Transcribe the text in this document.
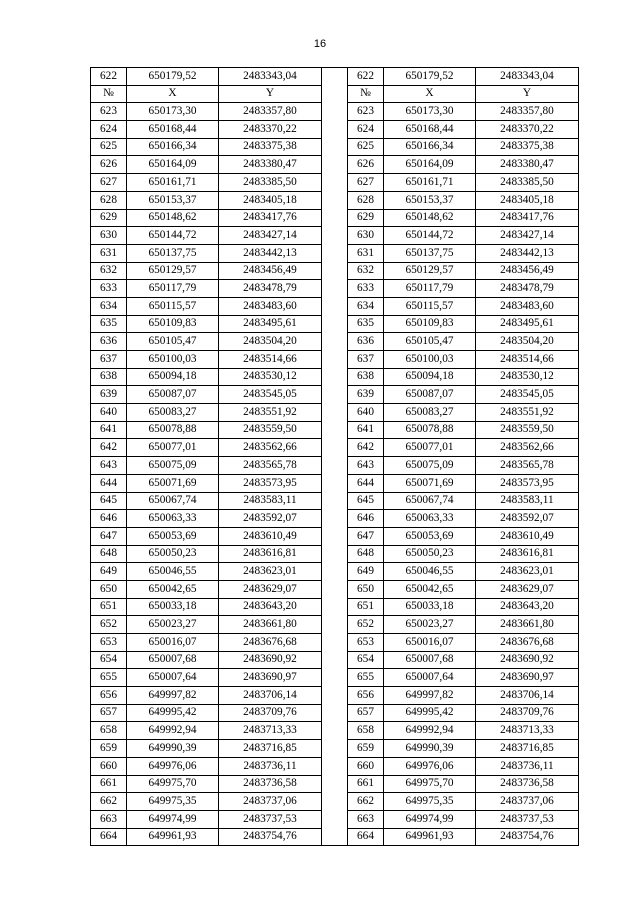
16
622	650179,52	2483343,04		622	650179,52	2483343,04
№	X	Y		№	X	Y
623	650173,30	2483357,80		623	650173,30	2483357,80
624	650168,44	2483370,22		624	650168,44	2483370,22
625	650166,34	2483375,38		625	650166,34	2483375,38
626	650164,09	2483380,47		626	650164,09	2483380,47
627	650161,71	2483385,50		627	650161,71	2483385,50
628	650153,37	2483405,18		628	650153,37	2483405,18
629	650148,62	2483417,76		629	650148,62	2483417,76
630	650144,72	2483427,14		630	650144,72	2483427,14
631	650137,75	2483442,13		631	650137,75	2483442,13
632	650129,57	2483456,49		632	650129,57	2483456,49
633	650117,79	2483478,79		633	650117,79	2483478,79
634	650115,57	2483483,60		634	650115,57	2483483,60
635	650109,83	2483495,61		635	650109,83	2483495,61
636	650105,47	2483504,20		636	650105,47	2483504,20
637	650100,03	2483514,66		637	650100,03	2483514,66
638	650094,18	2483530,12		638	650094,18	2483530,12
639	650087,07	2483545,05		639	650087,07	2483545,05
640	650083,27	2483551,92		640	650083,27	2483551,92
641	650078,88	2483559,50		641	650078,88	2483559,50
642	650077,01	2483562,66		642	650077,01	2483562,66
643	650075,09	2483565,78		643	650075,09	2483565,78
644	650071,69	2483573,95		644	650071,69	2483573,95
645	650067,74	2483583,11		645	650067,74	2483583,11
646	650063,33	2483592,07		646	650063,33	2483592,07
647	650053,69	2483610,49		647	650053,69	2483610,49
648	650050,23	2483616,81		648	650050,23	2483616,81
649	650046,55	2483623,01		649	650046,55	2483623,01
650	650042,65	2483629,07		650	650042,65	2483629,07
651	650033,18	2483643,20		651	650033,18	2483643,20
652	650023,27	2483661,80		652	650023,27	2483661,80
653	650016,07	2483676,68		653	650016,07	2483676,68
654	650007,68	2483690,92		654	650007,68	2483690,92
655	650007,64	2483690,97		655	650007,64	2483690,97
656	649997,82	2483706,14		656	649997,82	2483706,14
657	649995,42	2483709,76		657	649995,42	2483709,76
658	649992,94	2483713,33		658	649992,94	2483713,33
659	649990,39	2483716,85		659	649990,39	2483716,85
660	649976,06	2483736,11		660	649976,06	2483736,11
661	649975,70	2483736,58		661	649975,70	2483736,58
662	649975,35	2483737,06		662	649975,35	2483737,06
663	649974,99	2483737,53		663	649974,99	2483737,53
664	649961,93	2483754,76		664	649961,93	2483754,76
